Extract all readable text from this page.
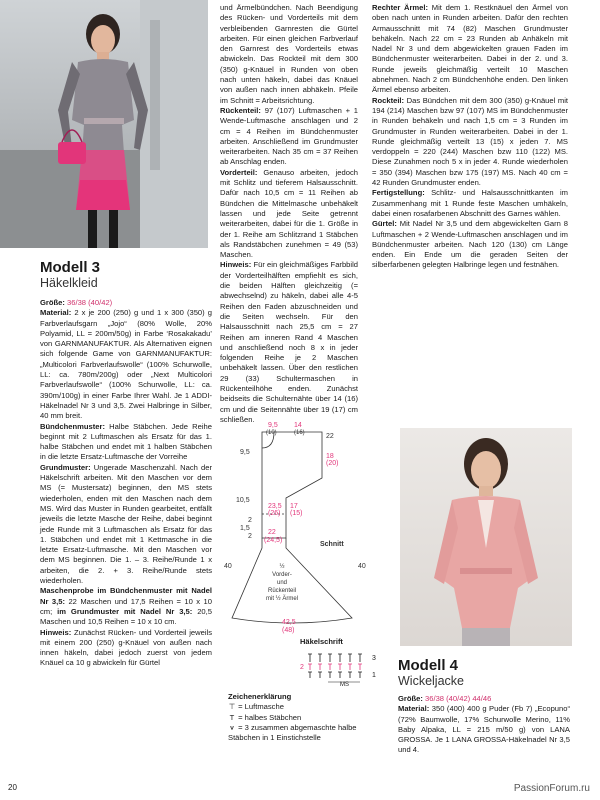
Modell 3
Häkelkleid

Größe: 36/38 (40/42)

Material: 2 x je 200 (250) g und 1 x 300 (350) g Farbverlaufsgarn „Jojo“ (80% Wolle, 20% Polyamid, LL = 200m/50g) in Farbe ‘Rosakakadu’ von GARNMANUFAKTUR. Als Alternativen eignen sich folgende Game von GARNMANUFAKTUR: „Multicolori Farbverlaufswolle“ (100% Schurwolle, LL: ca. 780m/200g) oder „Next Multicolori Farbverlaufswolle“ (100% Schurwolle, LL: ca. 390m/100g) in einer Farbe Ihrer Wahl. Je 1 ADDI-Häkelnadel Nr 3 und 3,5. Zwei Halbringe in Silber, 40 mm breit.

Bündchenmuster: Halbe Stäbchen. Jede Reihe beginnt mit 2 Luftmaschen als Ersatz für das 1. halbe Stäbchen und endet mit 1 halben Stäbchen in die letzte Ersatz-Luftmasche der Vorreihe

Grundmuster: Ungerade Maschenzahl. Nach der Häkelschrift arbeiten. Mit den Maschen vor dem MS (= Mustersatz) beginnen, den MS stets wiederholen, enden mit den Maschen nach dem MS. Wird das Muster in Runden gearbeitet, entfällt jeweils die letzte Masche der Reihe, dabei beginnt jede Runde mit 3 Luftmaschen als Ersatz für das 1. Stäbchen und endet mit 1 Kettmasche in die letzte Ersatz-Luftmasche. Mit den Maschen vor dem MS beginnen. Die 1. – 3. Reihe/Runde 1 x arbeiten, die 2. + 3. Reihe/Runde stets wiederholen.

Maschenprobe im Bündchenmuster mit Nadel Nr 3,5: 22 Maschen und 17,5 Reihen = 10 x 10 cm; im Grundmuster mit Nadel Nr 3,5: 20,5 Maschen und 10,5 Reihen = 10 x 10 cm.

Hinweis: Zunächst Rücken- und Vorderteil jeweils mit einem 200 (250) g-Knäuel von außen nach innen häkeln, dabei jedoch zuerst von jedem Knäuel ca 10 g abwickeln für Gürtel

und Ärmelbündchen. Nach Beendigung des Rücken- und Vorderteils mit dem verbleibenden Garnresten die Gürtel arbeiten. Für einen gleichen Farbverlauf den Garnrest des Vorderteils etwas abwickeln. Das Rockteil mit dem 300 (350) g-Knäuel in Runden von oben nach unten häkeln, dabei das Knäuel von außen nach innen abhäkeln. Pfeile im Schnitt = Arbeitsrichtung.

Rückenteil: 97 (107) Luftmaschen + 1 Wende-Luftmasche anschlagen und 2 cm = 4 Reihen im Bündchenmuster arbeiten. Anschließend im Grundmuster weiterarbeiten. Nach 35 cm = 37 Reihen ab Anschlag enden.

Vorderteil: Genauso arbeiten, jedoch mit Schlitz und tieferem Halsausschnitt. Dafür nach 10,5 cm = 11 Reihen ab Bündchen die Mittelmasche unbehäkelt lassen und jede Seite getrennt weiterarbeiten, dabei für die 1. Größe in der 1. Reihe am Schlitzrand 1 Stäbchen als Randstäbchen zunehmen = 49 (53) Maschen.

Hinweis: Für ein gleichmäßiges Farbbild der Vorderteilhälften empfiehlt es sich, die beiden Hälften gleichzeitig (= abwechselnd) zu häkeln, dabei alle 4-5 Reihen den Faden abzuschneiden und die Seiten wechseln. Für den Halsausschnitt nach 25,5 cm = 27 Reihen am inneren Rand 4 Maschen und anschließend noch 8 x in jeder folgenden Reihe je 2 Maschen unbehäkelt lassen. Über den restlichen 29 (33) Schultermaschen in Rückenteilhöhe enden. Zunächst beidseits die Schulternähte über 14 (16) cm und die Seitennähte über 19 (17) cm schließen.

Rechter Ärmel: Mit dem 1. Restknäuel den Ärmel von oben nach unten in Runden arbeiten. Dafür den rechten Armausschnitt mit 74 (82) Maschen Grundmuster behäkeln. Nach 22 cm = 23 Runden ab Anhäkeln mit Nadel Nr 3 und dem abgewickelten grauen Faden im Bündchenmuster weiterarbeiten. Dabei in der 2. und 3. Runde jeweils gleichmäßig verteilt 10 Maschen abnehmen. Nach 2 cm Bündchenhöhe enden. Den linken Ärmel ebenso arbeiten.

Rockteil: Das Bündchen mit dem 300 (350) g-Knäuel mit 194 (214) Maschen bzw 97 (107) MS im Bündchenmuster in Runden behäkeln und nach 1,5 cm = 3 Runden im Grundmuster in Runden weiterarbeiten. Dabei in der 1. Runde gleichmäßig verteilt 13 (15) x jeden 7. MS verdoppeln = 220 (244) Maschen bzw 110 (122) MS. Diese Zunahmen noch 5 x in jeder 4. Runde wiederholen = 350 (394) Maschen bzw 175 (197) MS. Nach 40 cm = 42 Runden Grundmuster enden.

Fertigstellung: Schlitz- und Halsausschnittkanten im Zusammenhang mit 1 Runde feste Maschen umhäkeln, dabei einen rosafarbenen Abschnitt des Garnes wählen.

Gürtel: Mit Nadel Nr 3,5 und dem abgewickelten Garn 8 Luftmaschen + 2 Wende-Luftmaschen anschlagen und im Bündchenmuster arbeiten. Nach 120 (130) cm Länge enden. Ein Ende um die geraden Seiten der silberfarbenen gelegten Halbringe legen und festnähen.

9,5 14
18
(20)
17
(15)
23,5
(26)
22
(24,5)
42,5
(48)
(10)	(16)	22
9,5
10,5
2
1,5
2
40	40
Schnitt
½
Vorder-
und
Rückenteil
mit ½ Ärmel
Häkelschrift
3
2
1
MS
Zeichenerklärung
⊤ = Luftmasche
T = halbes Stäbchen
⩛ = 3 zusammen abgemaschte halbe Stäbchen in 1 Einstichstelle
Modell 4
Wickeljacke

Größe: 36/38 (40/42) 44/46

Material: 350 (400) 400 g Puder (Fb 7) „Ecopuno“ (72% Baumwolle, 17% Schurwolle Merino, 11% Baby Alpaka, LL = 215 m/50 g) von LANA GROSSA. Je 1 LANA GROSSA-Häkelnadel Nr 3,5 und 4.

20	PassionForum.ru
